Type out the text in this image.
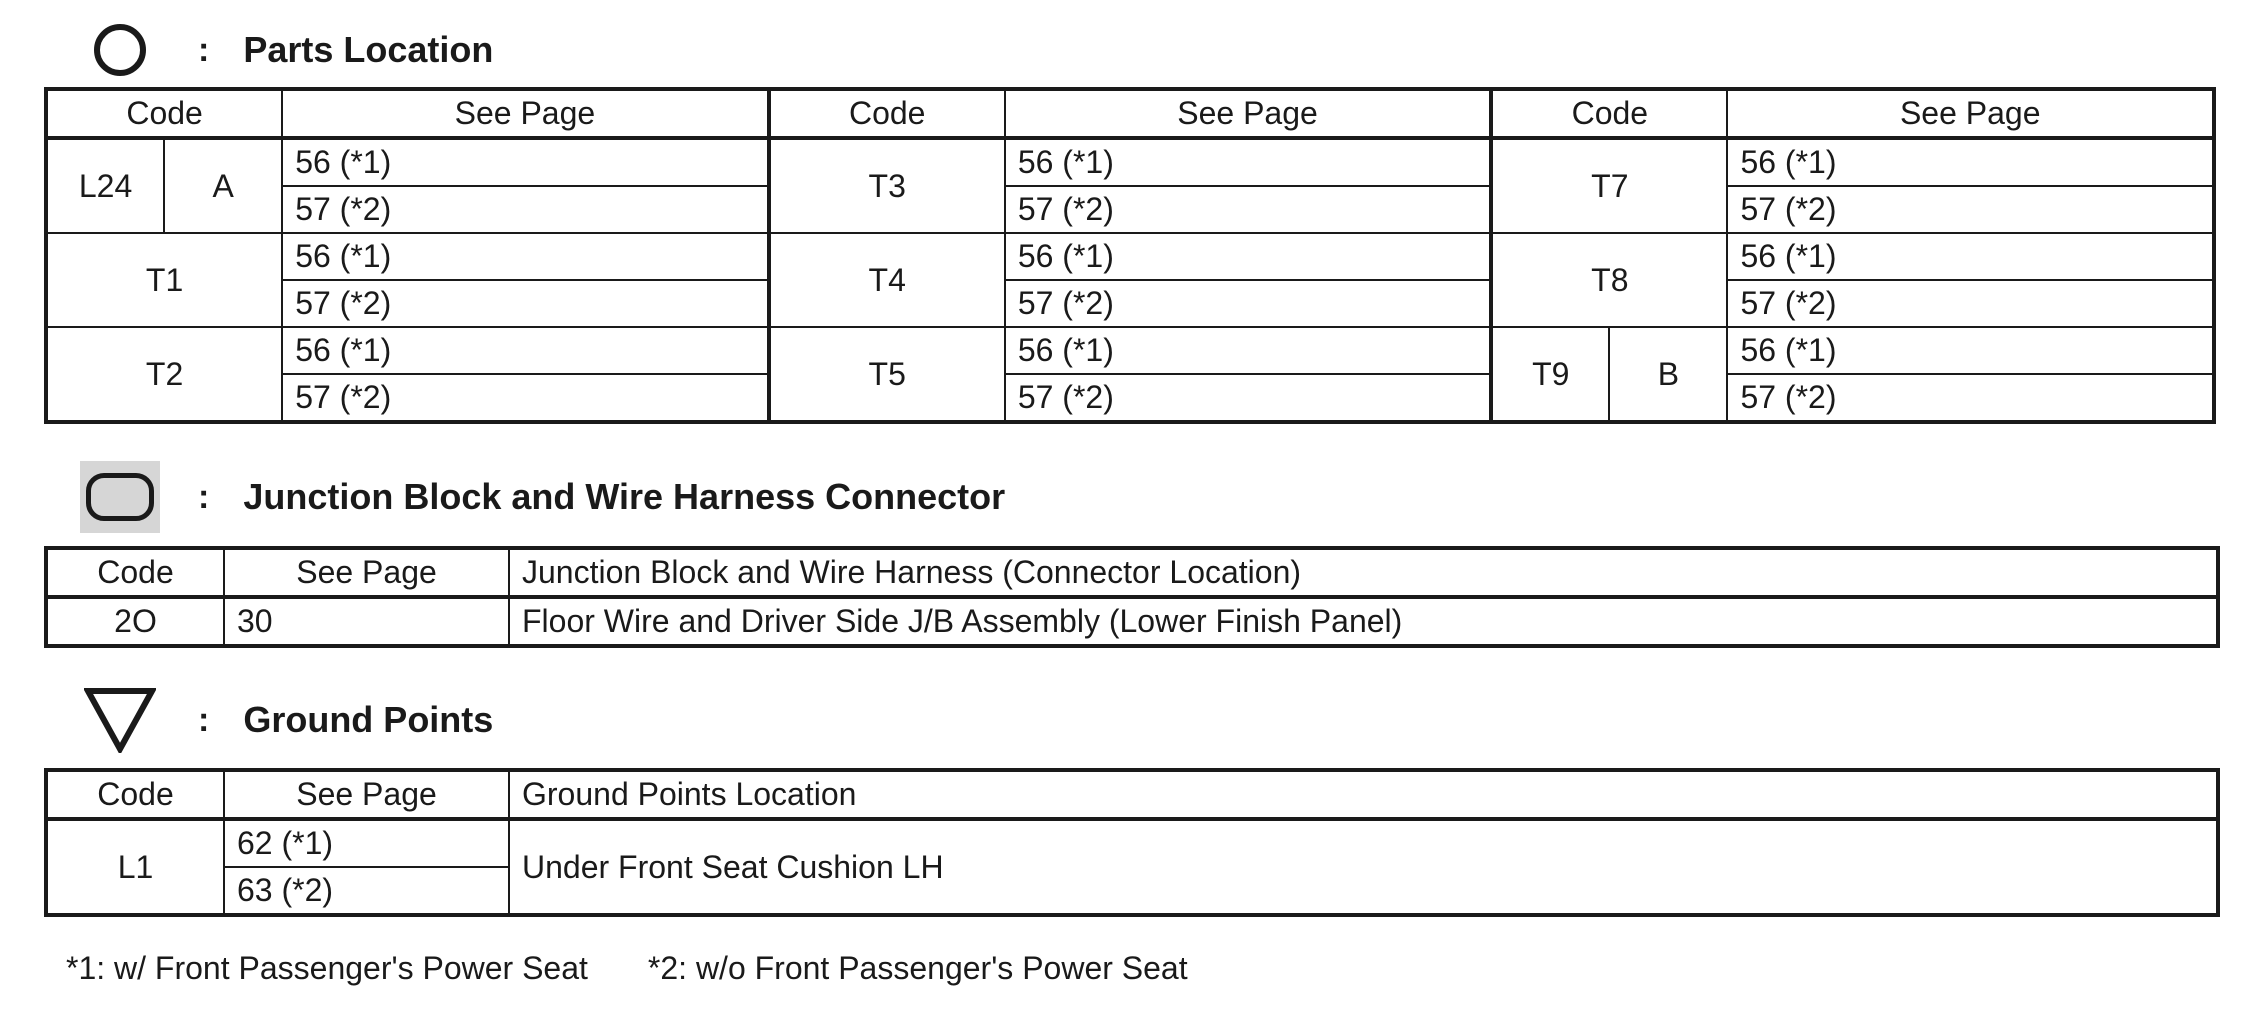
: Parts Location
Code		See Page	Code	See Page	Code		See Page
L24	A	56 (*1)	T3	56 (*1)	T7		56 (*1)
		57 (*2)		57 (*2)			57 (*2)
T1		56 (*1)	T4	56 (*1)	T8		56 (*1)
		57 (*2)		57 (*2)			57 (*2)
T2		56 (*1)	T5	56 (*1)	T9	B	56 (*1)
		57 (*2)		57 (*2)			57 (*2)
: Junction Block and Wire Harness Connector
Code	See Page	Junction Block and Wire Harness (Connector Location)
2O	30	Floor Wire and Driver Side J/B Assembly (Lower Finish Panel)
: Ground Points
Code	See Page	Ground Points Location
L1	62 (*1)	Under Front Seat Cushion LH
	63 (*2)	
*1: w/ Front Passenger's Power Seat *2: w/o Front Passenger's Power Seat
